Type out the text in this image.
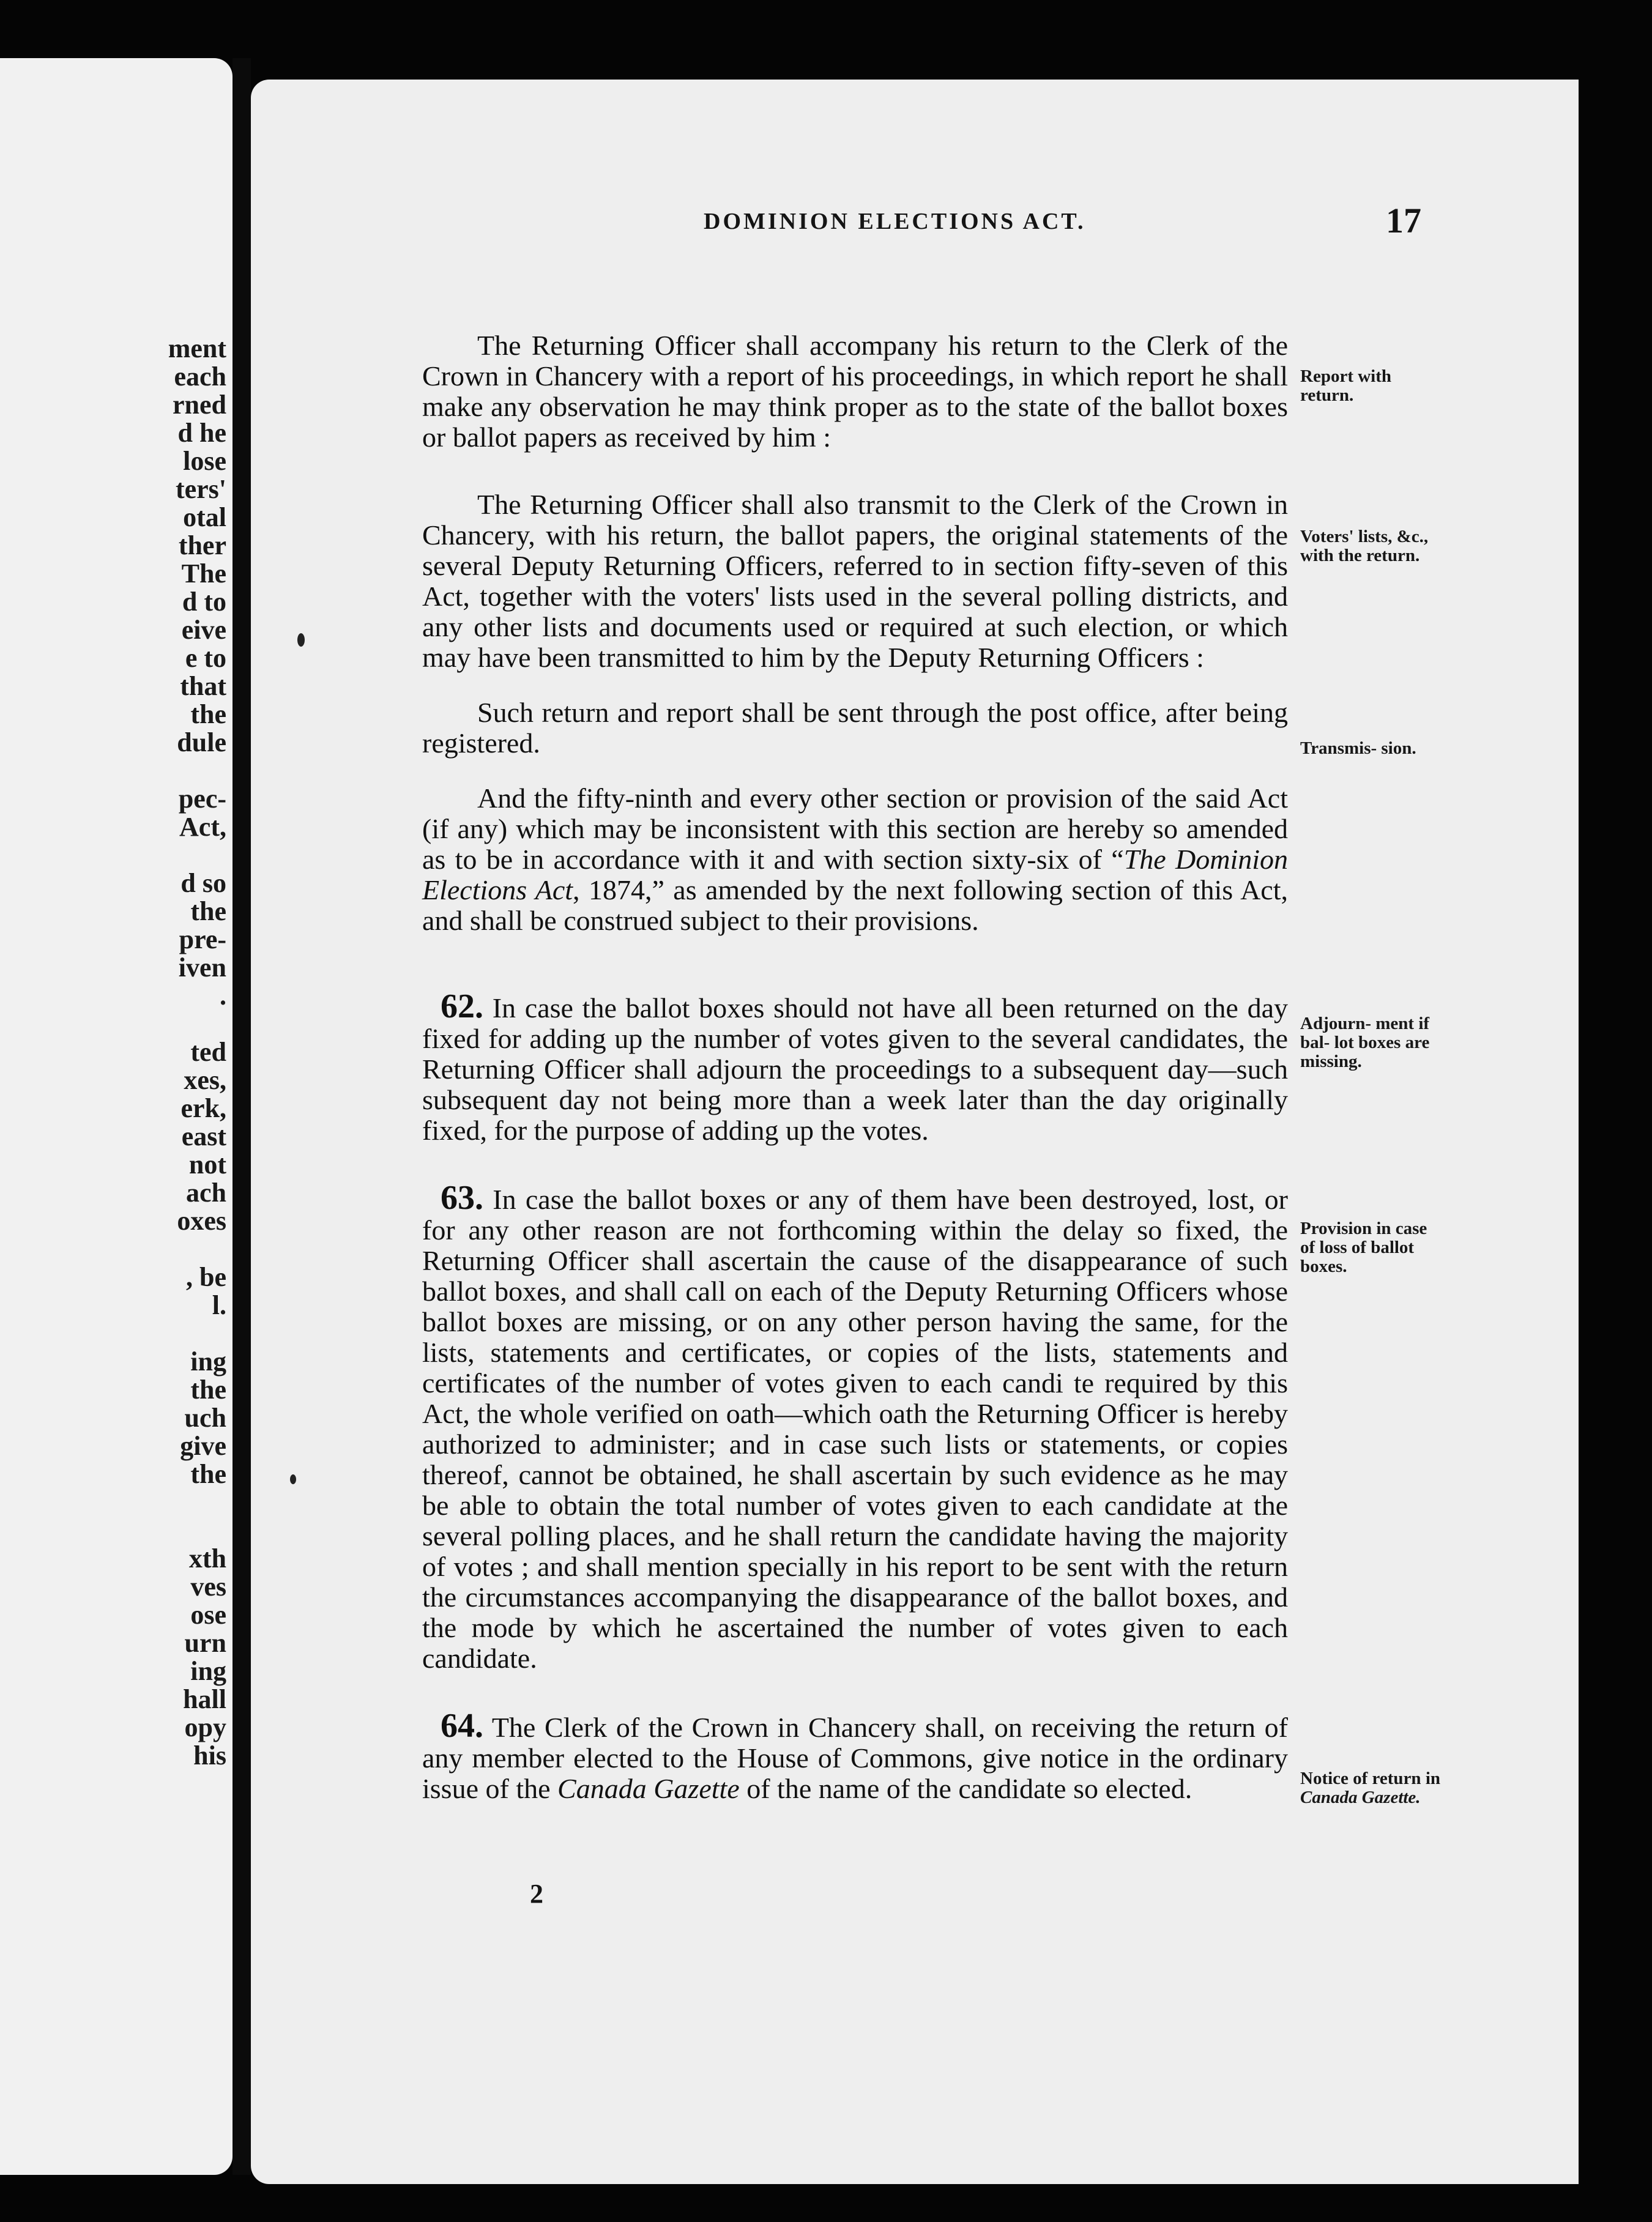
ment
each
rned
d he
lose
ters'
otal
ther
The
d to
eive
e to
that
the
dule

pec-
Act,

d so
the
pre-
iven
.

ted
xes,
erk,
east
not
ach
oxes

, be
l.

ing
the
uch
give
the

xth
ves
ose
urn
ing
hall
opy
his
DOMINION ELECTIONS ACT.	17

The Returning Officer shall accompany his return to the Clerk of the Crown in Chancery with a report of his proceedings, in which report he shall make any observation he may think proper as to the state of the ballot boxes or ballot papers as received by him :

The Returning Officer shall also transmit to the Clerk of the Crown in Chancery, with his return, the ballot papers, the original statements of the several Deputy Returning Officers, referred to in section fifty-seven of this Act, together with the voters' lists used in the several polling districts, and any other lists and documents used or required at such election, or which may have been transmitted to him by the Deputy Returning Officers :

Such return and report shall be sent through the post office, after being registered.

And the fifty-ninth and every other section or provision of the said Act (if any) which may be inconsistent with this section are hereby so amended as to be in accordance with it and with section sixty-six of “The Dominion Elections Act, 1874,” as amended by the next following section of this Act, and shall be construed subject to their provisions.

62. In case the ballot boxes should not have all been returned on the day fixed for adding up the number of votes given to the several candidates, the Returning Officer shall adjourn the proceedings to a subsequent day—such subsequent day not being more than a week later than the day originally fixed, for the purpose of adding up the votes.

63. In case the ballot boxes or any of them have been destroyed, lost, or for any other reason are not forthcoming within the delay so fixed, the Returning Officer shall ascertain the cause of the disappearance of such ballot boxes, and shall call on each of the Deputy Returning Officers whose ballot boxes are missing, or on any other person having the same, for the lists, statements and certificates, or copies of the lists, statements and certificates of the number of votes given to each candi te required by this Act, the whole verified on oath—which oath the Returning Officer is hereby authorized to administer; and in case such lists or statements, or copies thereof, cannot be obtained, he shall ascertain by such evidence as he may be able to obtain the total number of votes given to each candidate at the several polling places, and he shall return the candidate having the majority of votes ; and shall mention specially in his report to be sent with the return the circumstances accompanying the disappearance of the ballot boxes, and the mode by which he ascertained the number of votes given to each candidate.

64. The Clerk of the Crown in Chancery shall, on receiving the return of any member elected to the House of Commons, give notice in the ordinary issue of the Canada Gazette of the name of the candidate so elected.

Report with return.
Voters' lists, &c., with the return.
Transmis- sion.
Adjourn- ment if bal- lot boxes are missing.
Provision in case of loss of ballot boxes.
Notice of return in Canada Gazette.
2
